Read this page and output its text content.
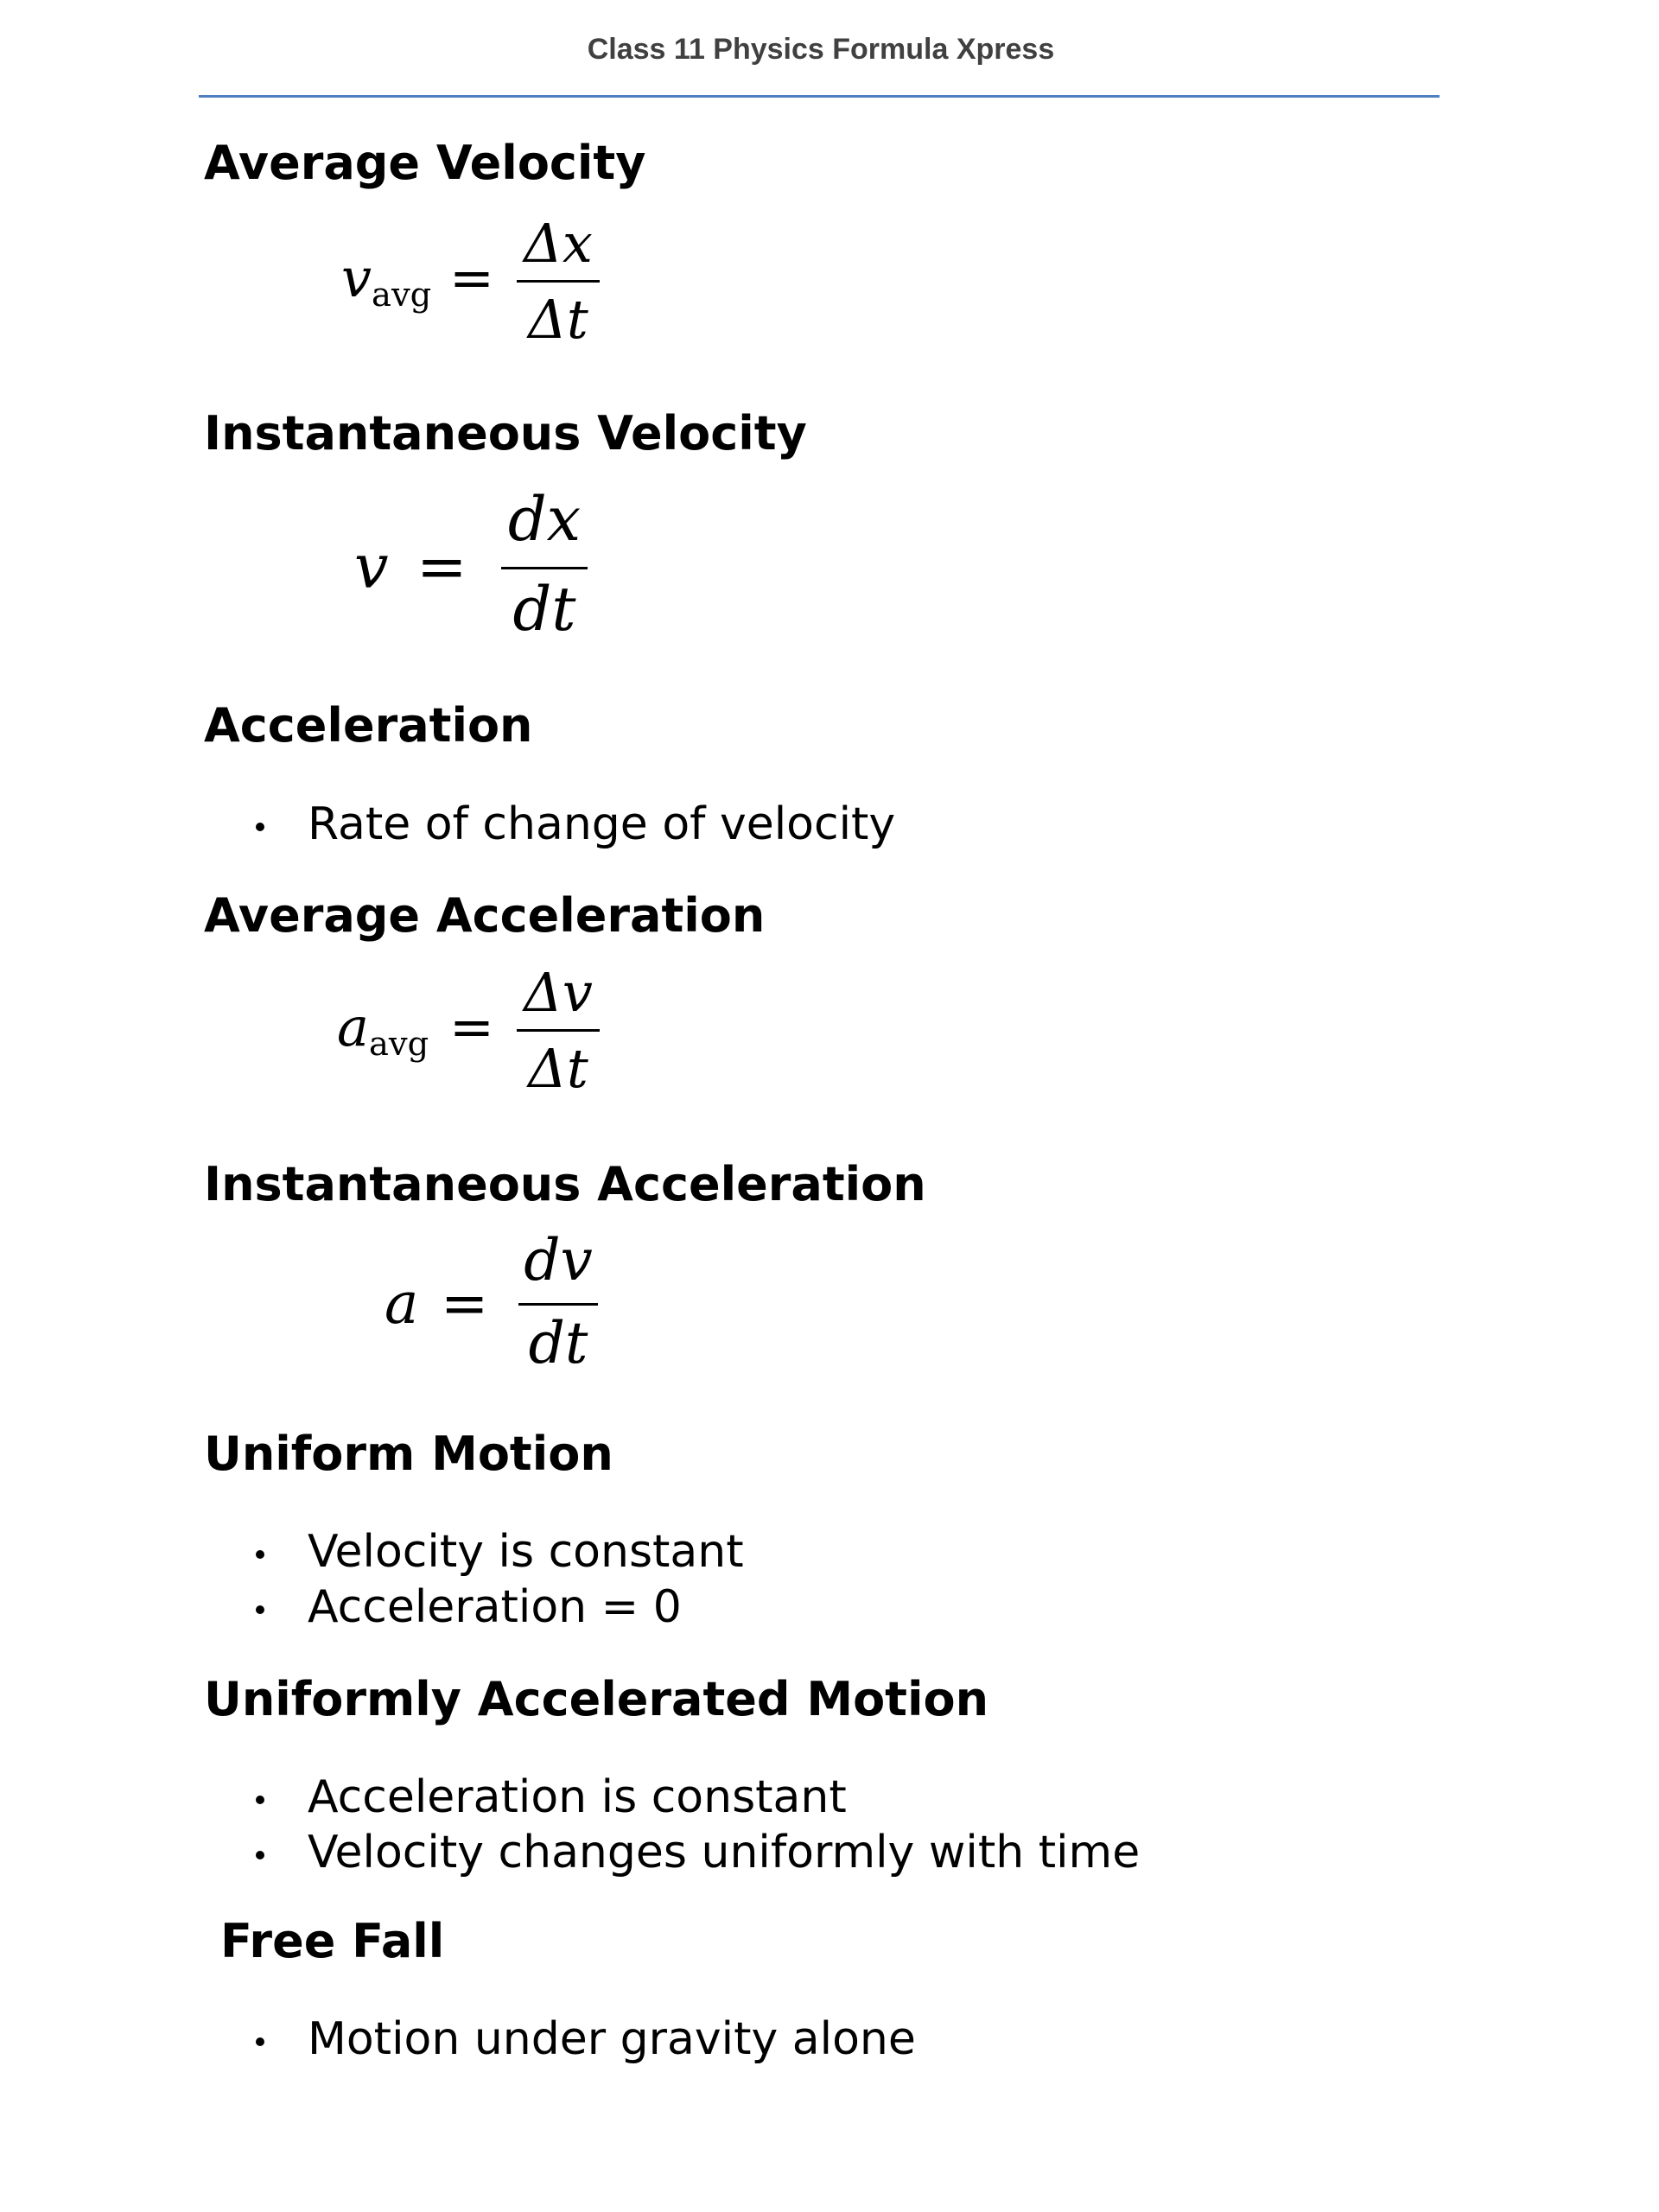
Class 11 Physics Formula Xpress
Average Velocity
$v_{avg}$ =
Δx
Δt
Instantaneous Velocity
v =
dx
dt
Acceleration
Rate of change of velocity
Average Acceleration
$a_{avg}$ =
Δv
Δt
Instantaneous Acceleration
a =
dv
dt
Uniform Motion
Velocity is constant
Acceleration = 0
Uniformly Accelerated Motion
Acceleration is constant
Velocity changes uniformly with time
Free Fall
Motion under gravity alone
